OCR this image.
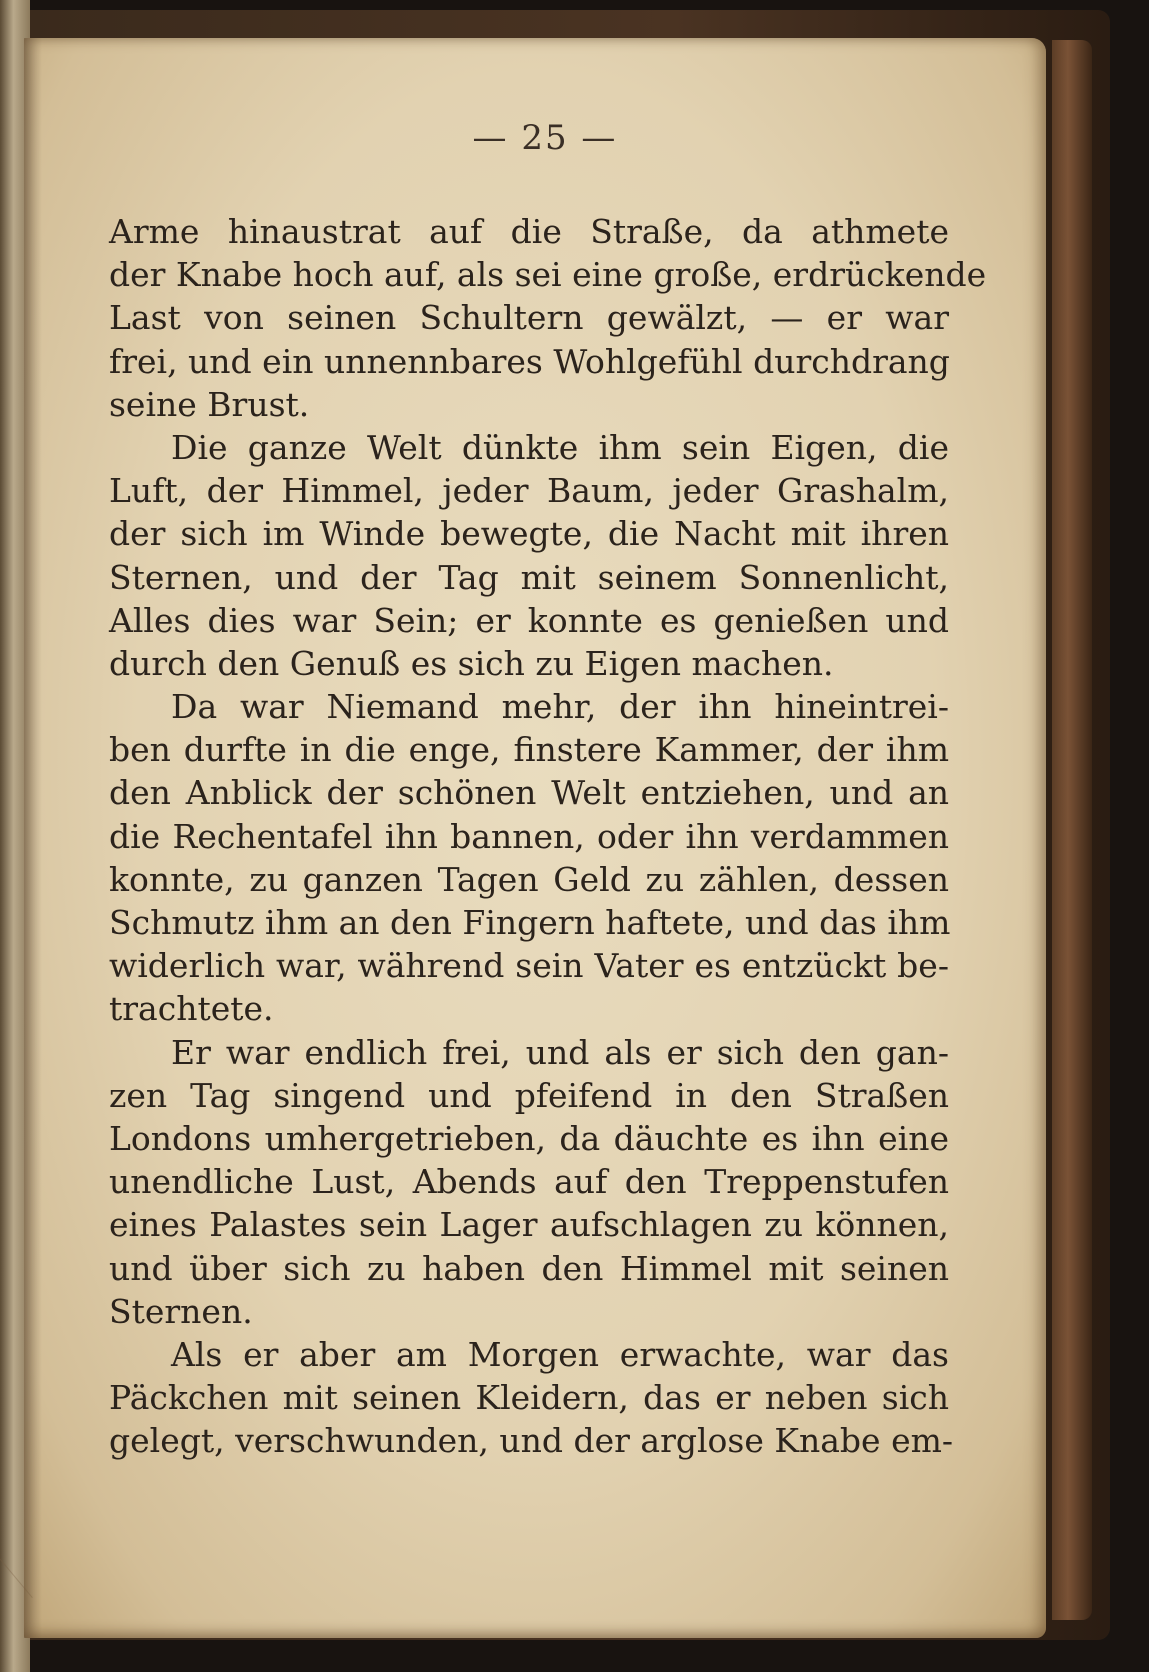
— 25 —
Arme hinaustrat auf die Straße, da athmete
der Knabe hoch auf, als sei eine große, erdrückende
Last von seinen Schultern gewälzt, — er war
frei, und ein unnennbares Wohlgefühl durchdrang
seine Brust.
Die ganze Welt dünkte ihm sein Eigen, die
Luft, der Himmel, jeder Baum, jeder Grashalm,
der sich im Winde bewegte, die Nacht mit ihren
Sternen, und der Tag mit seinem Sonnenlicht,
Alles dies war Sein; er konnte es genießen und
durch den Genuß es sich zu Eigen machen.
Da war Niemand mehr, der ihn hineintrei-
ben durfte in die enge, finstere Kammer, der ihm
den Anblick der schönen Welt entziehen, und an
die Rechentafel ihn bannen, oder ihn verdammen
konnte, zu ganzen Tagen Geld zu zählen, dessen
Schmutz ihm an den Fingern haftete, und das ihm
widerlich war, während sein Vater es entzückt be-
trachtete.
Er war endlich frei, und als er sich den gan-
zen Tag singend und pfeifend in den Straßen
Londons umhergetrieben, da däuchte es ihn eine
unendliche Lust, Abends auf den Treppenstufen
eines Palastes sein Lager aufschlagen zu können,
und über sich zu haben den Himmel mit seinen
Sternen.
Als er aber am Morgen erwachte, war das
Päckchen mit seinen Kleidern, das er neben sich
gelegt, verschwunden, und der arglose Knabe em-
